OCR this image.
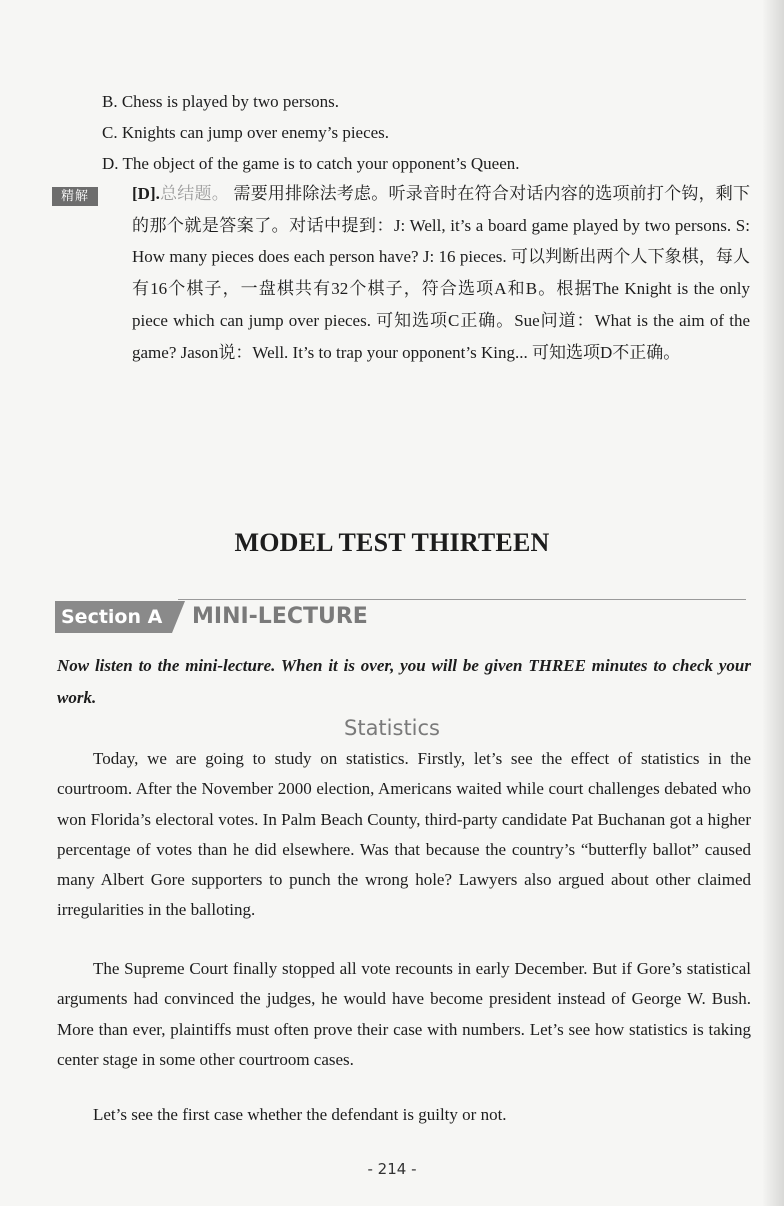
B. Chess is played by two persons.
C. Knights can jump over enemy’s pieces.
D. The object of the game is to catch your opponent’s Queen.
精解	[D].总结题。 需要用排除法考虑。听录音时在符合对话内容的选项前打个钩，剩下的那个就是答案了。对话中提到：J: Well, it’s a board game played by two persons. S: How many pieces does each person have? J: 16 pieces. 可以判断出两个人下象棋，每人有16个棋子，一盘棋共有32个棋子，符合选项A和B。根据The Knight is the only piece which can jump over pieces. 可知选项C正确。Sue问道：What is the aim of the game? Jason说：Well. It’s to trap your opponent’s King... 可知选项D不正确。
MODEL TEST THIRTEEN
Section A MINI-LECTURE
Now listen to the mini-lecture. When it is over, you will be given THREE minutes to check your work.
Statistics
Today, we are going to study on statistics. Firstly, let’s see the effect of statistics in the courtroom. After the November 2000 election, Americans waited while court challenges debated who won Florida’s electoral votes. In Palm Beach County, third-party candidate Pat Buchanan got a higher percentage of votes than he did elsewhere. Was that because the country’s “butterfly ballot” caused many Albert Gore supporters to punch the wrong hole? Lawyers also argued about other claimed irregularities in the balloting.
The Supreme Court finally stopped all vote recounts in early December. But if Gore’s statistical arguments had convinced the judges, he would have become president instead of George W. Bush. More than ever, plaintiffs must often prove their case with numbers. Let’s see how statistics is taking center stage in some other courtroom cases.
Let’s see the first case whether the defendant is guilty or not.
- 214 -
